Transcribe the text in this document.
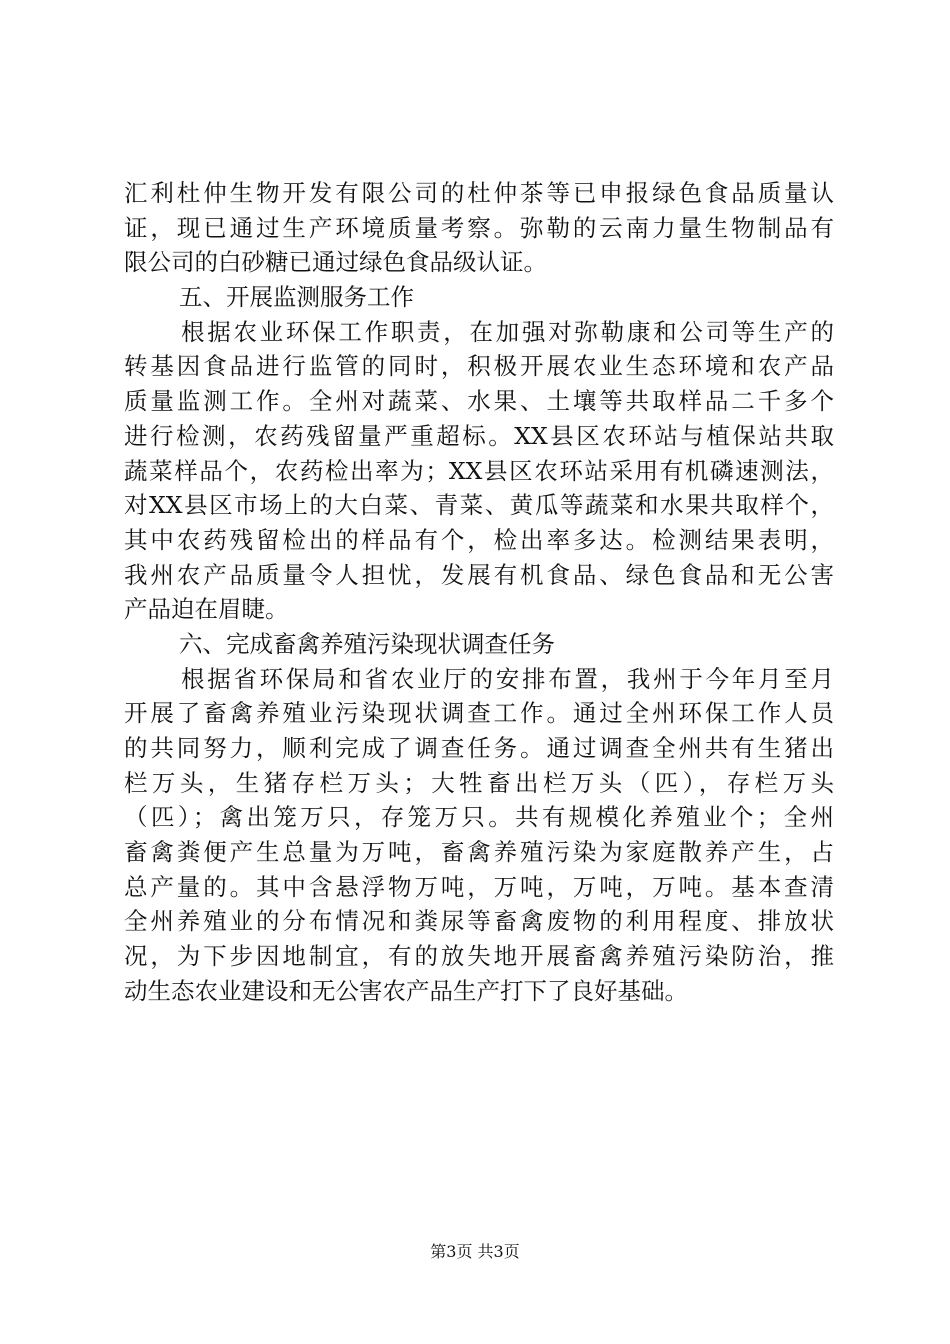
汇利杜仲生物开发有限公司的杜仲茶等已申报绿色食品质量认
证，现已通过生产环境质量考察。弥勒的云南力量生物制品有
限公司的白砂糖已通过绿色食品级认证。
五、开展监测服务工作
根据农业环保工作职责，在加强对弥勒康和公司等生产的
转基因食品进行监管的同时，积极开展农业生态环境和农产品
质量监测工作。全州对蔬菜、水果、土壤等共取样品二千多个
进行检测，农药残留量严重超标。XX县区农环站与植保站共取
蔬菜样品个，农药检出率为；XX县区农环站采用有机磷速测法，
对XX县区市场上的大白菜、青菜、黄瓜等蔬菜和水果共取样个，
其中农药残留检出的样品有个，检出率多达。检测结果表明，
我州农产品质量令人担忧，发展有机食品、绿色食品和无公害
产品迫在眉睫。
六、完成畜禽养殖污染现状调查任务
根据省环保局和省农业厅的安排布置，我州于今年月至月
开展了畜禽养殖业污染现状调查工作。通过全州环保工作人员
的共同努力，顺利完成了调查任务。通过调查全州共有生猪出
栏万头，生猪存栏万头；大牲畜出栏万头（匹），存栏万头
（匹）；禽出笼万只，存笼万只。共有规模化养殖业个；全州
畜禽粪便产生总量为万吨，畜禽养殖污染为家庭散养产生，占
总产量的。其中含悬浮物万吨，万吨，万吨，万吨。基本查清
全州养殖业的分布情况和粪尿等畜禽废物的利用程度、排放状
况，为下步因地制宜，有的放失地开展畜禽养殖污染防治，推
动生态农业建设和无公害农产品生产打下了良好基础。
第3页 共3页
